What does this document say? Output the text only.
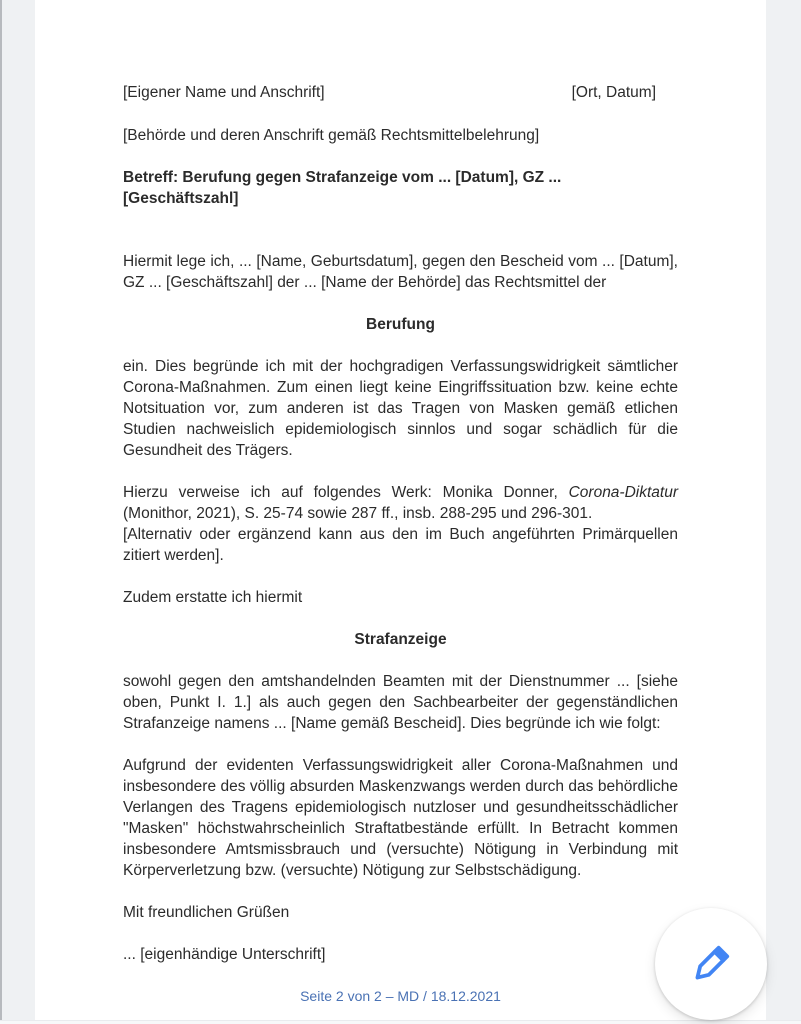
[Eigener Name und Anschrift]	[Ort, Datum]

[Behörde und deren Anschrift gemäß Rechtsmittelbelehrung]

Betreff: Berufung gegen Strafanzeige vom ... [Datum], GZ ... [Geschäftszahl]

Hiermit lege ich, ... [Name, Geburtsdatum], gegen den Bescheid vom ... [Datum], GZ ... [Geschäftszahl] der ... [Name der Behörde] das Rechtsmittel der

Berufung

ein. Dies begründe ich mit der hochgradigen Verfassungswidrigkeit sämtlicher Corona-Maßnahmen. Zum einen liegt keine Eingriffssituation bzw. keine echte Notsituation vor, zum anderen ist das Tragen von Masken gemäß etlichen Studien nachweislich epidemiologisch sinnlos und sogar schädlich für die Gesundheit des Trägers.

Hierzu verweise ich auf folgendes Werk: Monika Donner, Corona-Diktatur (Monithor, 2021), S. 25-74 sowie 287 ff., insb. 288-295 und 296-301.

[Alternativ oder ergänzend kann aus den im Buch angeführten Primärquellen zitiert werden].

Zudem erstatte ich hiermit

Strafanzeige

sowohl gegen den amtshandelnden Beamten mit der Dienstnummer ... [siehe oben, Punkt I. 1.] als auch gegen den Sachbearbeiter der gegenständlichen Strafanzeige namens ... [Name gemäß Bescheid]. Dies begründe ich wie folgt:

Aufgrund der evidenten Verfassungswidrigkeit aller Corona-Maßnahmen und insbesondere des völlig absurden Maskenzwangs werden durch das behördliche Verlangen des Tragens epidemiologisch nutzloser und gesundheitsschädlicher "Masken" höchstwahrscheinlich Straftatbestände erfüllt. In Betracht kommen insbesondere Amtsmissbrauch und (versuchte) Nötigung in Verbindung mit Körperverletzung bzw. (versuchte) Nötigung zur Selbstschädigung.

Mit freundlichen Grüßen

... [eigenhändige Unterschrift]

Seite 2 von 2 – MD / 18.12.2021
